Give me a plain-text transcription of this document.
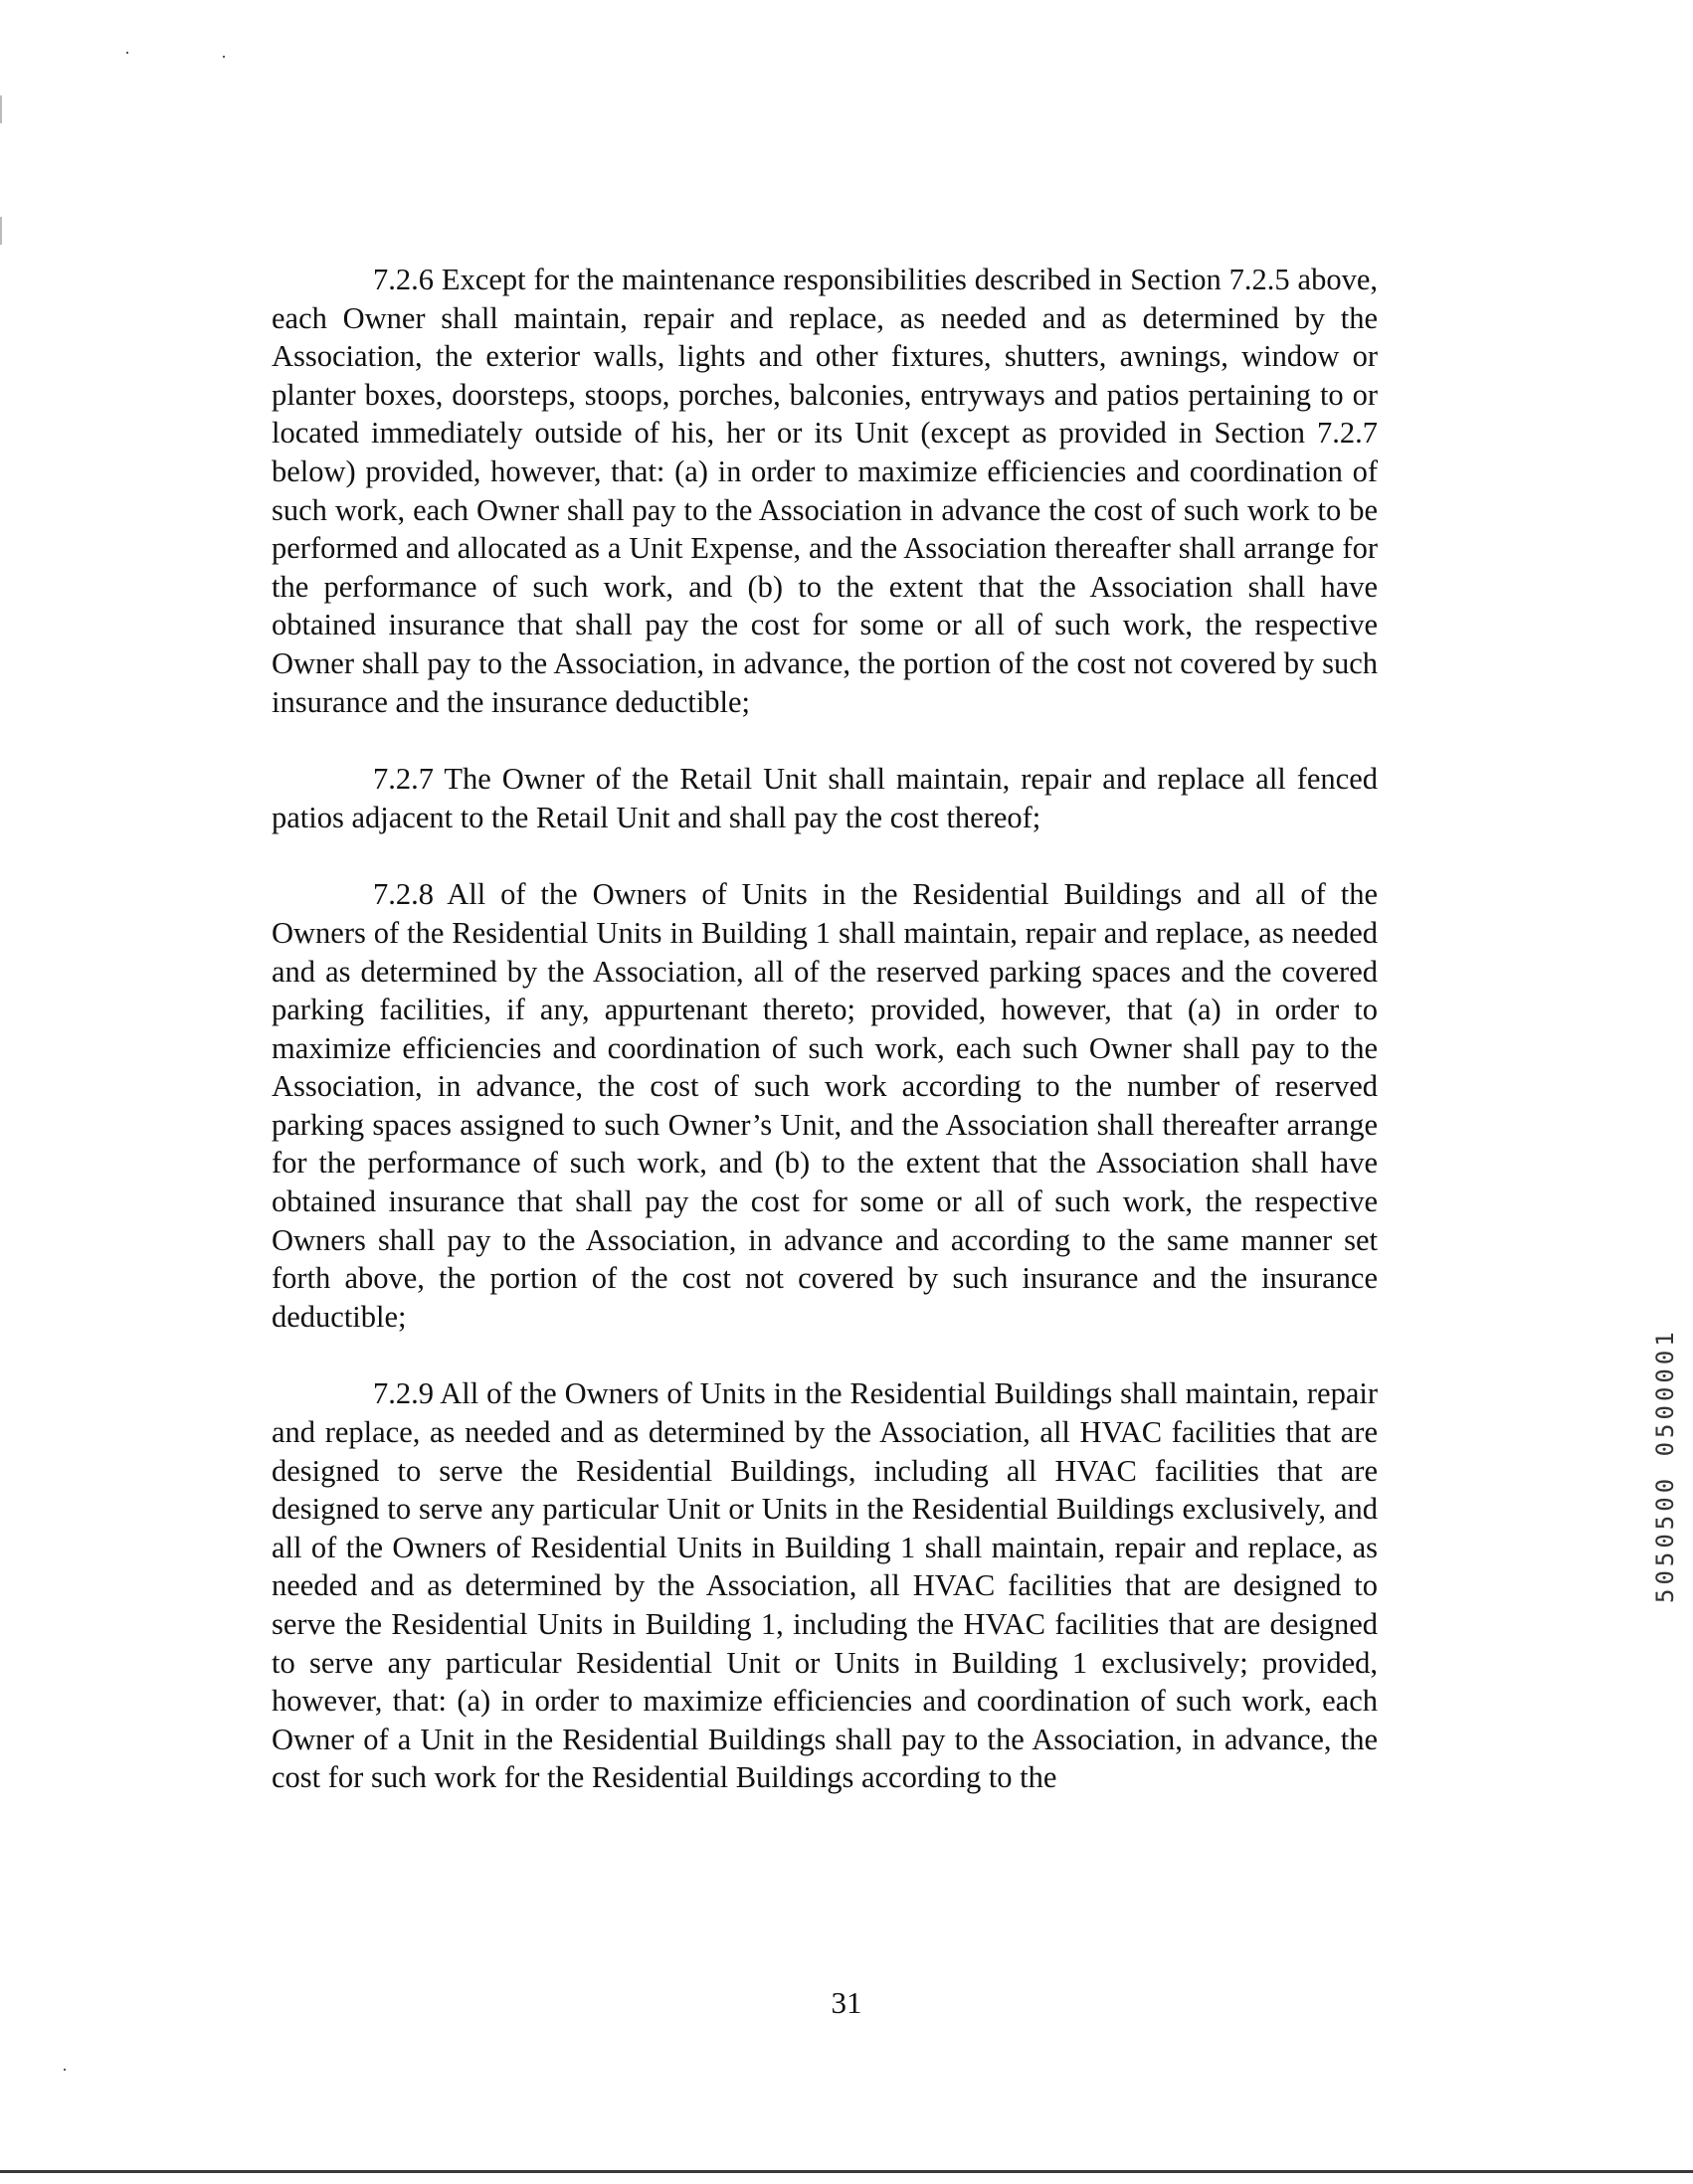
7.2.6 Except for the maintenance responsibilities described in Section 7.2.5 above, each Owner shall maintain, repair and replace, as needed and as determined by the Association, the exterior walls, lights and other fixtures, shutters, awnings, window or planter boxes, doorsteps, stoops, porches, balconies, entryways and patios pertaining to or located immediately outside of his, her or its Unit (except as provided in Section 7.2.7 below) provided, however, that: (a) in order to maximize efficiencies and coordination of such work, each Owner shall pay to the Association in advance the cost of such work to be performed and allocated as a Unit Expense, and the Association thereafter shall arrange for the performance of such work, and (b) to the extent that the Association shall have obtained insurance that shall pay the cost for some or all of such work, the respective Owner shall pay to the Association, in advance, the portion of the cost not covered by such insurance and the insurance deductible;

7.2.7 The Owner of the Retail Unit shall maintain, repair and replace all fenced patios adjacent to the Retail Unit and shall pay the cost thereof;

7.2.8 All of the Owners of Units in the Residential Buildings and all of the Owners of the Residential Units in Building 1 shall maintain, repair and replace, as needed and as determined by the Association, all of the reserved parking spaces and the covered parking facilities, if any, appurtenant thereto; provided, however, that (a) in order to maximize efficiencies and coordination of such work, each such Owner shall pay to the Association, in advance, the cost of such work according to the number of reserved parking spaces assigned to such Owner’s Unit, and the Association shall thereafter arrange for the performance of such work, and (b) to the extent that the Association shall have obtained insurance that shall pay the cost for some or all of such work, the respective Owners shall pay to the Association, in advance and according to the same manner set forth above, the portion of the cost not covered by such insurance and the insurance deductible;

7.2.9 All of the Owners of Units in the Residential Buildings shall maintain, repair and replace, as needed and as determined by the Association, all HVAC facilities that are designed to serve the Residential Buildings, including all HVAC facilities that are designed to serve any particular Unit or Units in the Residential Buildings exclusively, and all of the Owners of Residential Units in Building 1 shall maintain, repair and replace, as needed and as determined by the Association, all HVAC facilities that are designed to serve the Residential Units in Building 1, including the HVAC facilities that are designed to serve any particular Residential Unit or Units in Building 1 exclusively; provided, however, that: (a) in order to maximize efficiencies and coordination of such work, each Owner of a Unit in the Residential Buildings shall pay to the Association, in advance, the cost for such work for the Residential Buildings according to the

31
5050500 0500001
